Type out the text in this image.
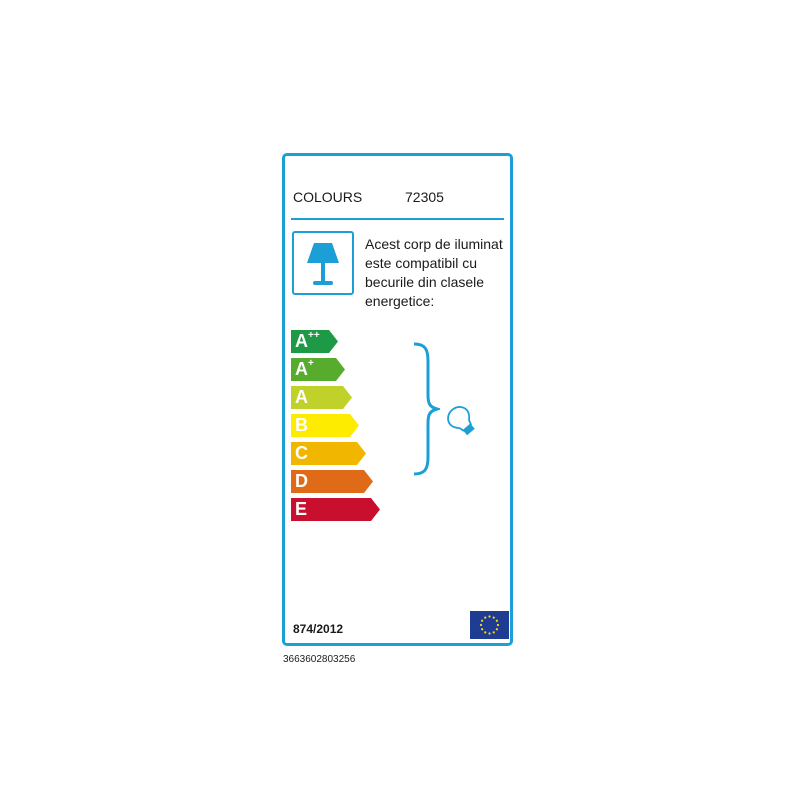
COLOURS	72305
Acest corp de iluminat
este compatibil cu
becurile din clasele
energetice:
A++
A+
A
B
C
D
E
874/2012
3663602803256
